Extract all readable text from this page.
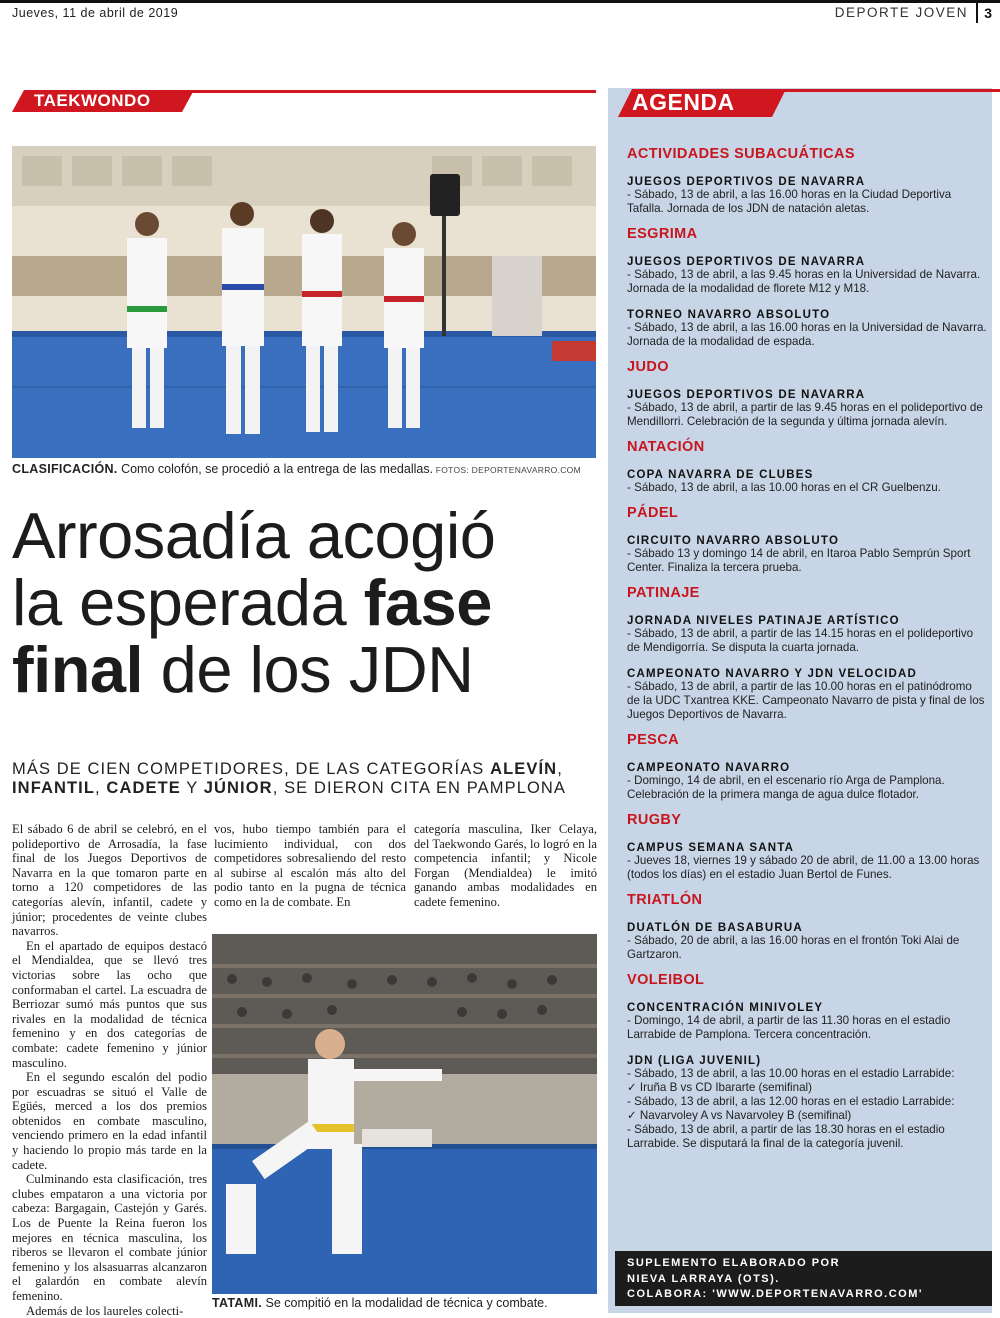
Jueves, 11 de abril de 2019	DEPORTE JOVEN	3
TAEKWONDO
CLASIFICACIÓN. Como colofón, se procedió a la entrega de las medallas. FOTOS: DEPORTENAVARRO.COM
Arrosadía acogió
la esperada fase
final de los JDN
MÁS DE CIEN COMPETIDORES, DE LAS CATEGORÍAS ALEVÍN, INFANTIL, CADETE Y JÚNIOR, SE DIERON CITA EN PAMPLONA

El sábado 6 de abril se celebró, en el polideportivo de Arrosadía, la fase final de los Juegos Deportivos de Navarra en la que tomaron parte en torno a 120 competidores de las categorías alevín, infantil, cadete y júnior; procedentes de veinte clubes navarros.

En el apartado de equipos destacó el Mendialdea, que se llevó tres victorias sobre las ocho que conformaban el cartel. La escuadra de Berriozar sumó más puntos que sus rivales en la modalidad de técnica femenino y en dos categorías de combate: cadete femenino y júnior masculino.

En el segundo escalón del podio por escuadras se situó el Valle de Egüés, merced a los dos premios obtenidos en combate masculino, venciendo primero en la edad infantil y haciendo lo propio más tarde en la cadete.

Culminando esta clasificación, tres clubes empataron a una victoria por cabeza: Bargagain, Castejón y Garés. Los de Puente la Reina fueron los mejores en técnica masculina, los riberos se llevaron el combate júnior femenino y los alsasuarras alcanzaron el galardón en combate alevín femenino.

Además de los laureles colecti-

vos, hubo tiempo también para el lucimiento individual, con dos competidores sobresaliendo del resto al subirse al escalón más alto del podio tanto en la pugna de técnica como en la de combate. En

categoría masculina, Iker Celaya, del Taekwondo Garés, lo logró en la competencia infantil; y Nicole Forgan (Mendialdea) le imitó ganando ambas modalidades en cadete femenino.

TATAMI. Se compitió en la modalidad de técnica y combate.
AGENDA
ACTIVIDADES SUBACUÁTICAS
JUEGOS DEPORTIVOS DE NAVARRA
- Sábado, 13 de abril, a las 16.00 horas en la Ciudad Deportiva Tafalla. Jornada de los JDN de natación aletas.
ESGRIMA
JUEGOS DEPORTIVOS DE NAVARRA
- Sábado, 13 de abril, a las 9.45 horas en la Universidad de Navarra. Jornada de la modalidad de florete M12 y M18.
TORNEO NAVARRO ABSOLUTO
- Sábado, 13 de abril, a las 16.00 horas en la Universidad de Navarra. Jornada de la modalidad de espada.
JUDO
JUEGOS DEPORTIVOS DE NAVARRA
- Sábado, 13 de abril, a partir de las 9.45 horas en el polideportivo de Mendillorri. Celebración de la segunda y última jornada alevín.
NATACIÓN
COPA NAVARRA DE CLUBES
- Sábado, 13 de abril, a las 10.00 horas en el CR Guelbenzu.
PÁDEL
CIRCUITO NAVARRO ABSOLUTO
- Sábado 13 y domingo 14 de abril, en Itaroa Pablo Semprún Sport Center. Finaliza la tercera prueba.
PATINAJE
JORNADA NIVELES PATINAJE ARTÍSTICO
- Sábado, 13 de abril, a partir de las 14.15 horas en el polideportivo de Mendigorría. Se disputa la cuarta jornada.
CAMPEONATO NAVARRO Y JDN VELOCIDAD
- Sábado, 13 de abril, a partir de las 10.00 horas en el patinódromo de la UDC Txantrea KKE. Campeonato Navarro de pista y final de los Juegos Deportivos de Navarra.
PESCA
CAMPEONATO NAVARRO
- Domingo, 14 de abril, en el escenario río Arga de Pamplona. Celebración de la primera manga de agua dulce flotador.
RUGBY
CAMPUS SEMANA SANTA
- Jueves 18, viernes 19 y sábado 20 de abril, de 11.00 a 13.00 horas (todos los días) en el estadio Juan Bertol de Funes.
TRIATLÓN
DUATLÓN DE BASABURUA
- Sábado, 20 de abril, a las 16.00 horas en el frontón Toki Alai de Gartzaron.
VOLEIBOL
CONCENTRACIÓN MINIVOLEY
- Domingo, 14 de abril, a partir de las 11.30 horas en el estadio Larrabide de Pamplona. Tercera concentración.
JDN (LIGA JUVENIL)
- Sábado, 13 de abril, a las 10.00 horas en el estadio Larrabide:
✓ Iruña B vs CD Ibararte (semifinal)
- Sábado, 13 de abril, a las 12.00 horas en el estadio Larrabide:
✓ Navarvoley A vs Navarvoley B (semifinal)
- Sábado, 13 de abril, a partir de las 18.30 horas en el estadio Larrabide. Se disputará la final de la categoría juvenil.
SUPLEMENTO ELABORADO POR
NIEVA LARRAYA (OTS).
COLABORA: 'WWW.DEPORTENAVARRO.COM'
